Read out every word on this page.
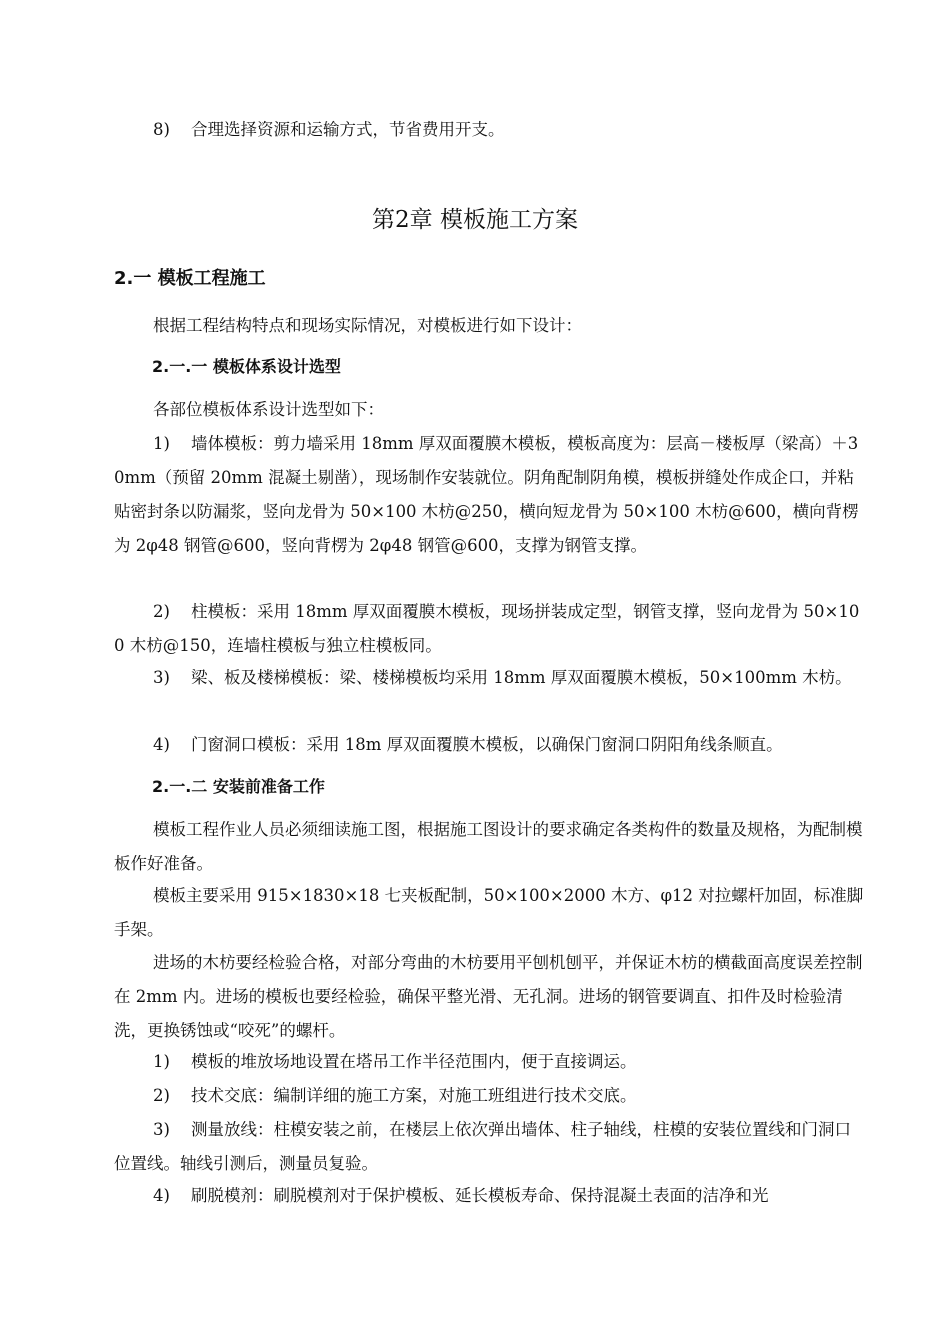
8) 合理选择资源和运输方式，节省费用开支。

第2章 模板施工方案
2.一 模板工程施工

根据工程结构特点和现场实际情况，对模板进行如下设计：

2.一.一 模板体系设计选型

各部位模板体系设计选型如下：

1) 墙体模板：剪力墙采用 18mm 厚双面覆膜木模板，模板高度为：层高－楼板厚（梁高）＋30mm（预留 20mm 混凝土剔凿），现场制作安装就位。阴角配制阴角模，模板拼缝处作成企口，并粘贴密封条以防漏浆，竖向龙骨为 50×100 木枋@250，横向短龙骨为 50×100 木枋@600，横向背楞为 2φ48 钢管@600，竖向背楞为 2φ48 钢管@600，支撑为钢管支撑。

2) 柱模板：采用 18mm 厚双面覆膜木模板，现场拼装成定型，钢管支撑，竖向龙骨为 50×100 木枋@150，连墙柱模板与独立柱模板同。

3) 梁、板及楼梯模板：梁、楼梯模板均采用 18mm 厚双面覆膜木模板，50×100mm 木枋。

4) 门窗洞口模板：采用 18m 厚双面覆膜木模板，以确保门窗洞口阴阳角线条顺直。

2.一.二 安装前准备工作

模板工程作业人员必须细读施工图，根据施工图设计的要求确定各类构件的数量及规格，为配制模板作好准备。

模板主要采用 915×1830×18 七夹板配制，50×100×2000 木方、φ12 对拉螺杆加固，标准脚手架。

进场的木枋要经检验合格，对部分弯曲的木枋要用平刨机刨平，并保证木枋的横截面高度误差控制在 2mm 内。进场的模板也要经检验，确保平整光滑、无孔洞。进场的钢管要调直、扣件及时检验清洗，更换锈蚀或“咬死”的螺杆。

1) 模板的堆放场地设置在塔吊工作半径范围内，便于直接调运。

2) 技术交底：编制详细的施工方案，对施工班组进行技术交底。

3) 测量放线：柱模安装之前，在楼层上依次弹出墙体、柱子轴线，柱模的安装位置线和门洞口位置线。轴线引测后，测量员复验。

4) 刷脱模剂：刷脱模剂对于保护模板、延长模板寿命、保持混凝土表面的洁净和光
